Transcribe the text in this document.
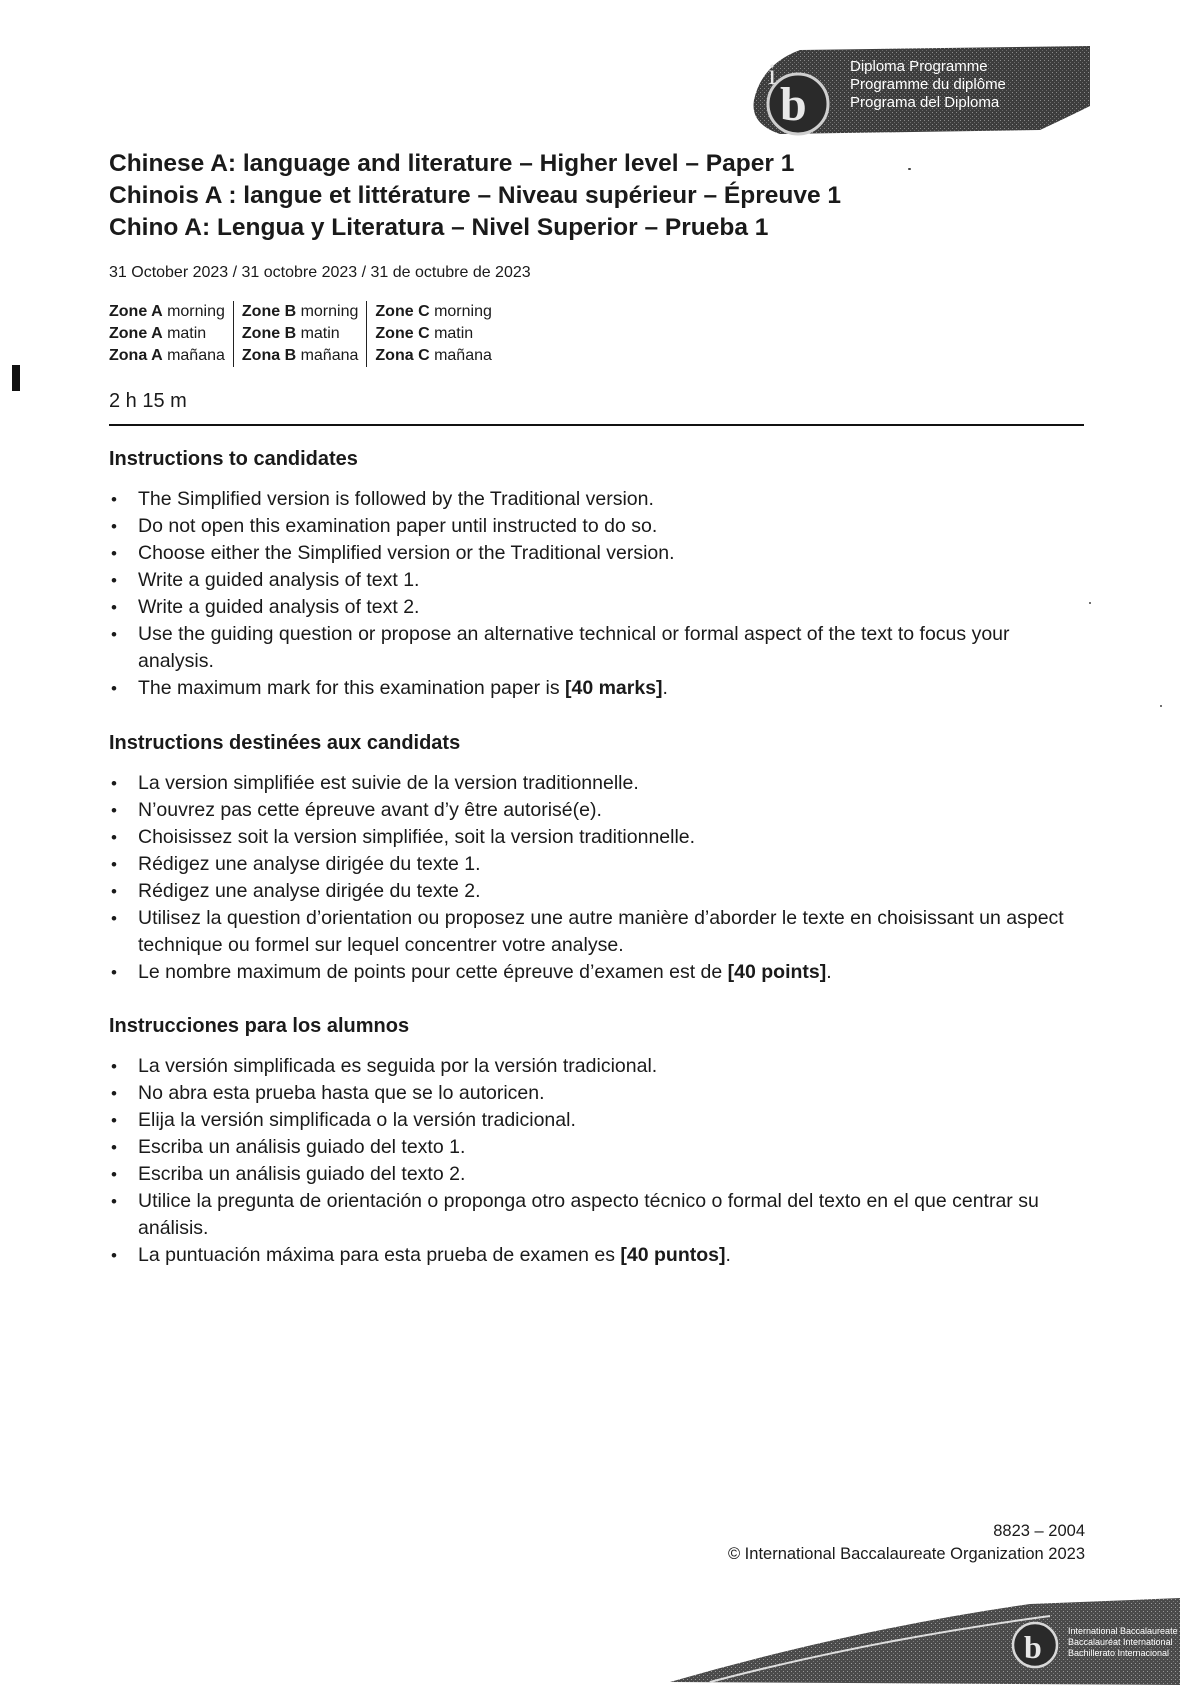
b
i	Diploma Programme
Programme du diplôme
Programa del Diploma
Chinese A: language and literature – Higher level – Paper 1
Chinois A : langue et littérature – Niveau supérieur – Épreuve 1
Chino A: Lengua y Literatura – Nivel Superior – Prueba 1
31 October 2023 / 31 octobre 2023 / 31 de octubre de 2023
Zone A morning
Zone A matin
Zona A mañana
Zone B morning
Zone B matin
Zona B mañana
Zone C morning
Zone C matin
Zona C mañana
2 h 15 m
Instructions to candidates
• The Simplified version is followed by the Traditional version.
• Do not open this examination paper until instructed to do so.
• Choose either the Simplified version or the Traditional version.
• Write a guided analysis of text 1.
• Write a guided analysis of text 2.
• Use the guiding question or propose an alternative technical or formal aspect of the text to focus your analysis.
• The maximum mark for this examination paper is [40 marks].
Instructions destinées aux candidats
• La version simplifiée est suivie de la version traditionnelle.
• N’ouvrez pas cette épreuve avant d’y être autorisé(e).
• Choisissez soit la version simplifiée, soit la version traditionnelle.
• Rédigez une analyse dirigée du texte 1.
• Rédigez une analyse dirigée du texte 2.
• Utilisez la question d’orientation ou proposez une autre manière d’aborder le texte en choisissant un aspect technique ou formel sur lequel concentrer votre analyse.
• Le nombre maximum de points pour cette épreuve d’examen est de [40 points].
Instrucciones para los alumnos
• La versión simplificada es seguida por la versión tradicional.
• No abra esta prueba hasta que se lo autoricen.
• Elija la versión simplificada o la versión tradicional.
• Escriba un análisis guiado del texto 1.
• Escriba un análisis guiado del texto 2.
• Utilice la pregunta de orientación o proponga otro aspecto técnico o formal del texto en el que centrar su análisis.
• La puntuación máxima para esta prueba de examen es [40 puntos].
8823 – 2004
© International Baccalaureate Organization 2023
b	International Baccalaureate
Baccalauréat International
Bachillerato Internacional
